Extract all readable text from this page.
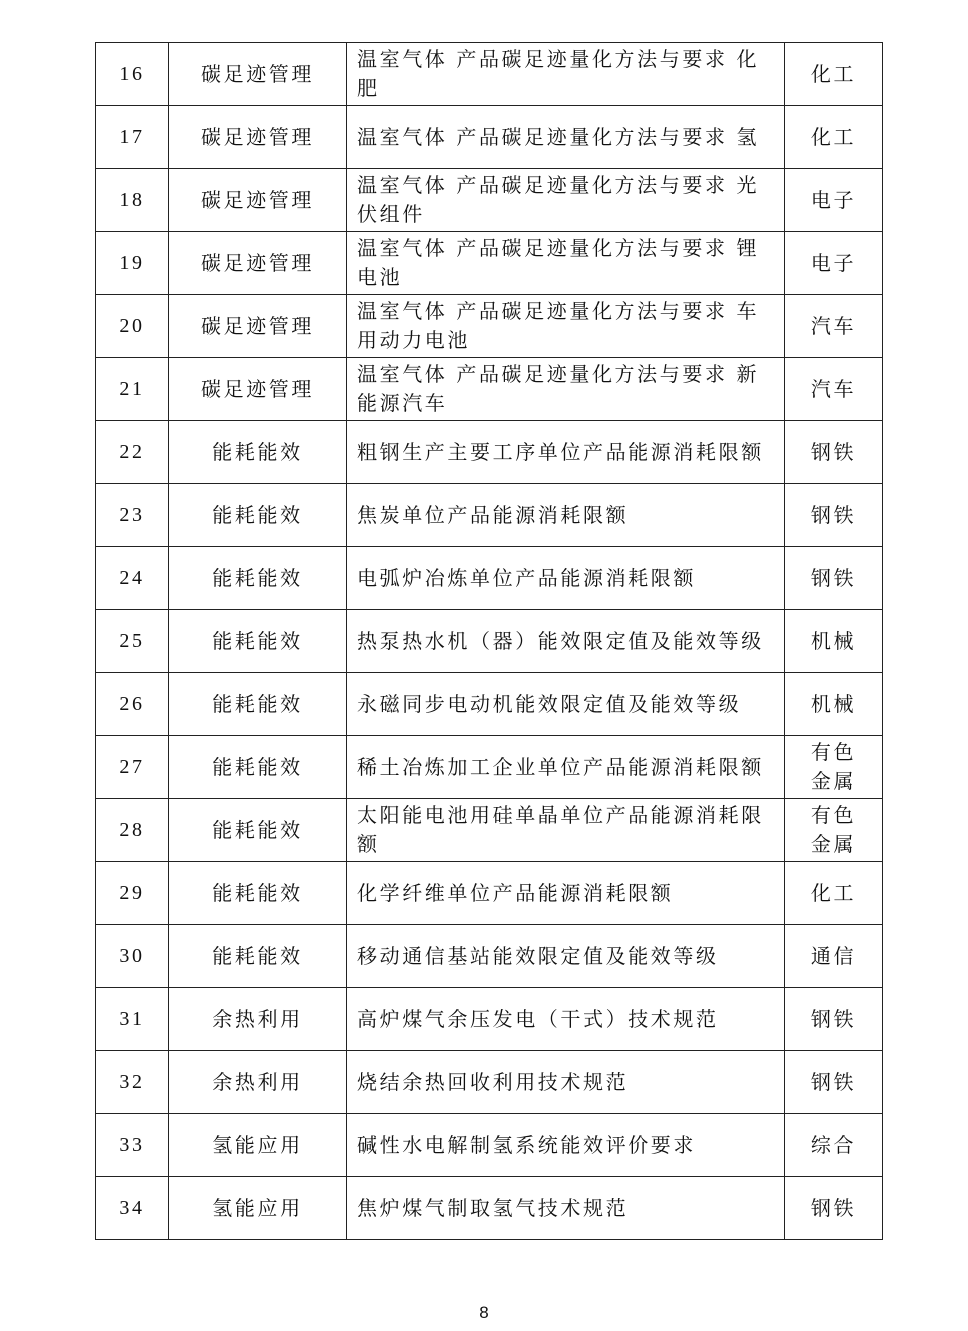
16	碳足迹管理	温室气体 产品碳足迹量化方法与要求 化肥	化工
17	碳足迹管理	温室气体 产品碳足迹量化方法与要求 氢	化工
18	碳足迹管理	温室气体 产品碳足迹量化方法与要求 光伏组件	电子
19	碳足迹管理	温室气体 产品碳足迹量化方法与要求 锂电池	电子
20	碳足迹管理	温室气体 产品碳足迹量化方法与要求 车用动力电池	汽车
21	碳足迹管理	温室气体 产品碳足迹量化方法与要求 新能源汽车	汽车
22	能耗能效	粗钢生产主要工序单位产品能源消耗限额	钢铁
23	能耗能效	焦炭单位产品能源消耗限额	钢铁
24	能耗能效	电弧炉冶炼单位产品能源消耗限额	钢铁
25	能耗能效	热泵热水机（器）能效限定值及能效等级	机械
26	能耗能效	永磁同步电动机能效限定值及能效等级	机械
27	能耗能效	稀土冶炼加工企业单位产品能源消耗限额	有色金属
28	能耗能效	太阳能电池用硅单晶单位产品能源消耗限额	有色金属
29	能耗能效	化学纤维单位产品能源消耗限额	化工
30	能耗能效	移动通信基站能效限定值及能效等级	通信
31	余热利用	高炉煤气余压发电（干式）技术规范	钢铁
32	余热利用	烧结余热回收利用技术规范	钢铁
33	氢能应用	碱性水电解制氢系统能效评价要求	综合
34	氢能应用	焦炉煤气制取氢气技术规范	钢铁
8
